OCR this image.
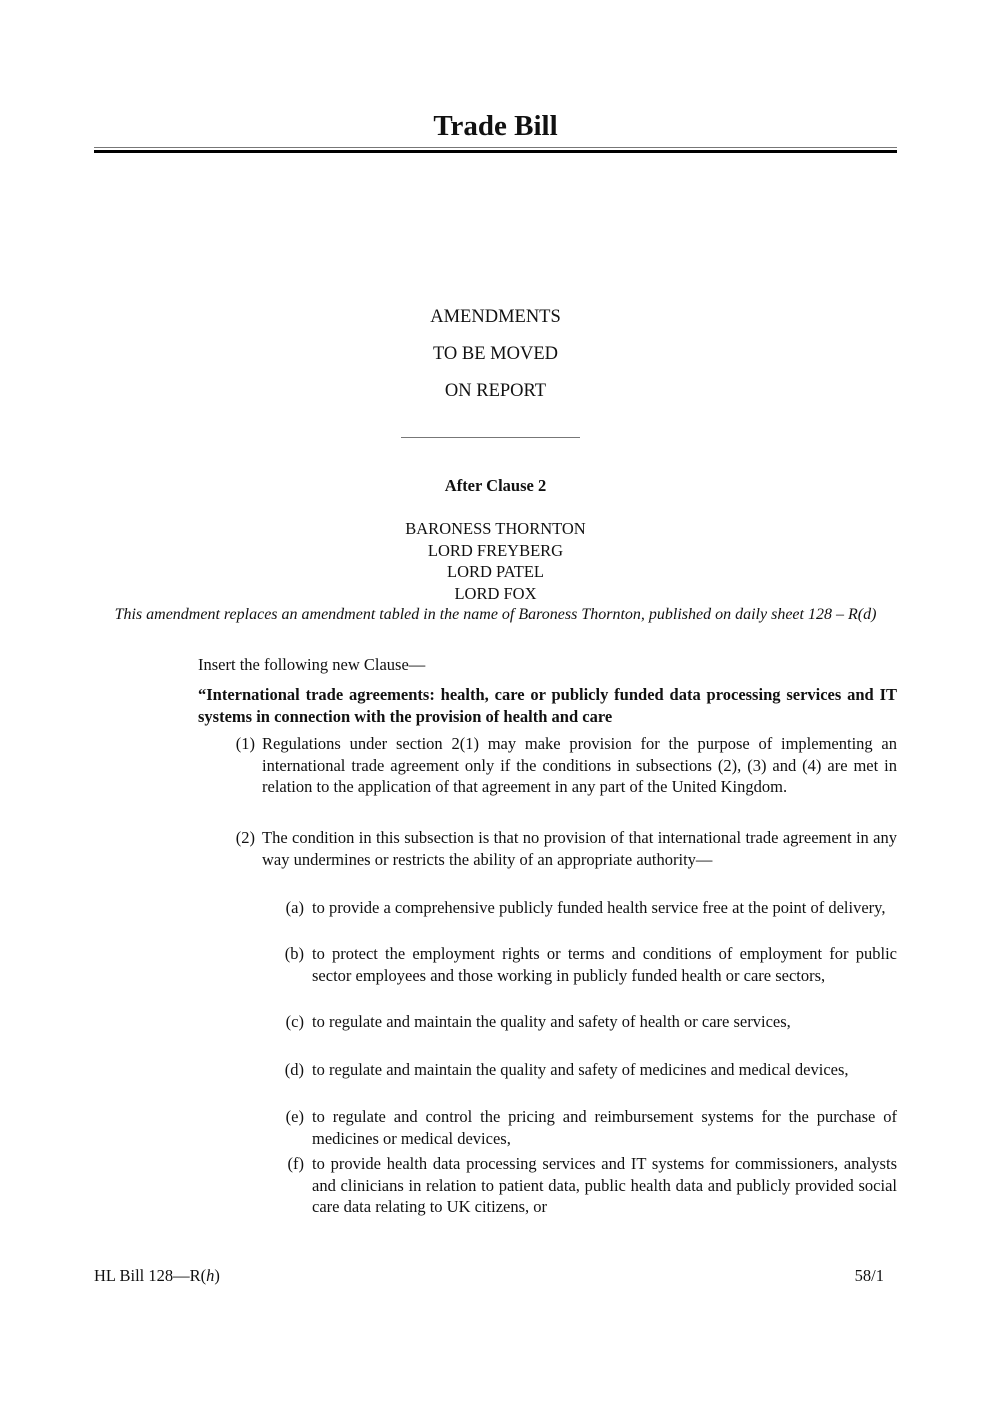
Trade Bill
AMENDMENTS
TO BE MOVED
ON REPORT
After Clause 2
BARONESS THORNTON
LORD FREYBERG
LORD PATEL
LORD FOX
This amendment replaces an amendment tabled in the name of Baroness Thornton, published on daily sheet 128 – R(d)
Insert the following new Clause—
“International trade agreements: health, care or publicly funded data processing services and IT systems in connection with the provision of health and care
(1) Regulations under section 2(1) may make provision for the purpose of implementing an international trade agreement only if the conditions in subsections (2), (3) and (4) are met in relation to the application of that agreement in any part of the United Kingdom.
(2) The condition in this subsection is that no provision of that international trade agreement in any way undermines or restricts the ability of an appropriate authority—
(a) to provide a comprehensive publicly funded health service free at the point of delivery,
(b) to protect the employment rights or terms and conditions of employment for public sector employees and those working in publicly funded health or care sectors,
(c) to regulate and maintain the quality and safety of health or care services,
(d) to regulate and maintain the quality and safety of medicines and medical devices,
(e) to regulate and control the pricing and reimbursement systems for the purchase of medicines or medical devices,
(f) to provide health data processing services and IT systems for commissioners, analysts and clinicians in relation to patient data, public health data and publicly provided social care data relating to UK citizens, or
HL Bill 128—R(h)	58/1
